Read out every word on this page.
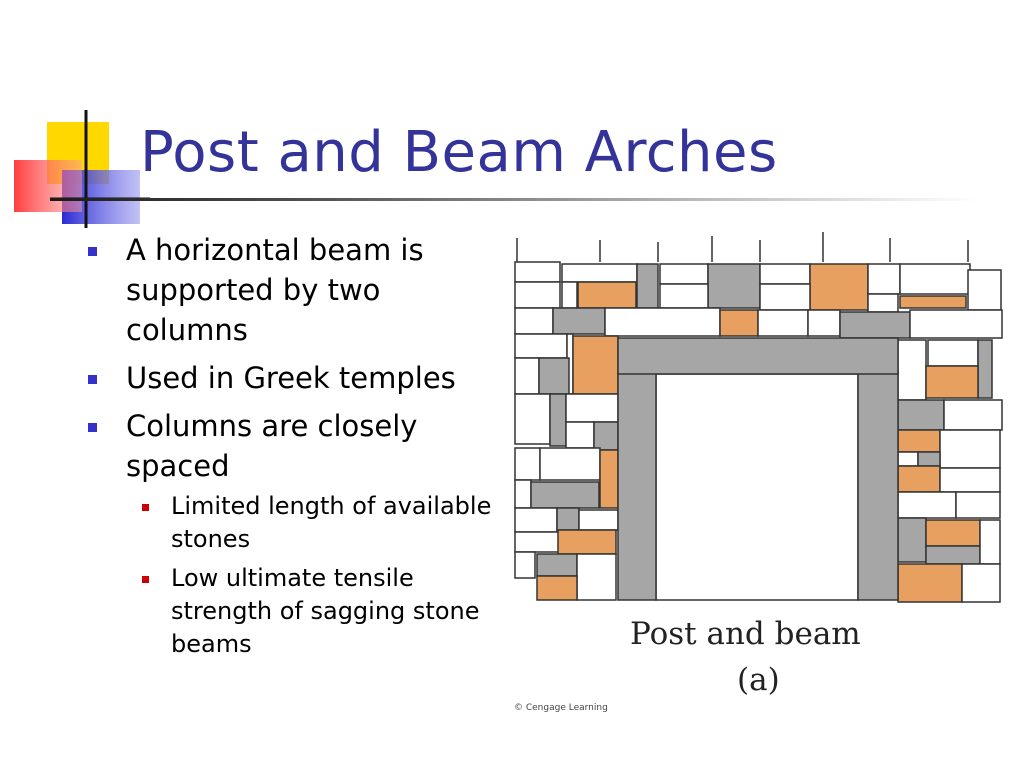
Post and Beam Arches
A horizontal beam is supported by two columns
Used in Greek temples
Columns are closely spaced
Limited length of available stones
Low ultimate tensile strength of sagging stone beams	Post and beam
(a)
© Cengage Learning
